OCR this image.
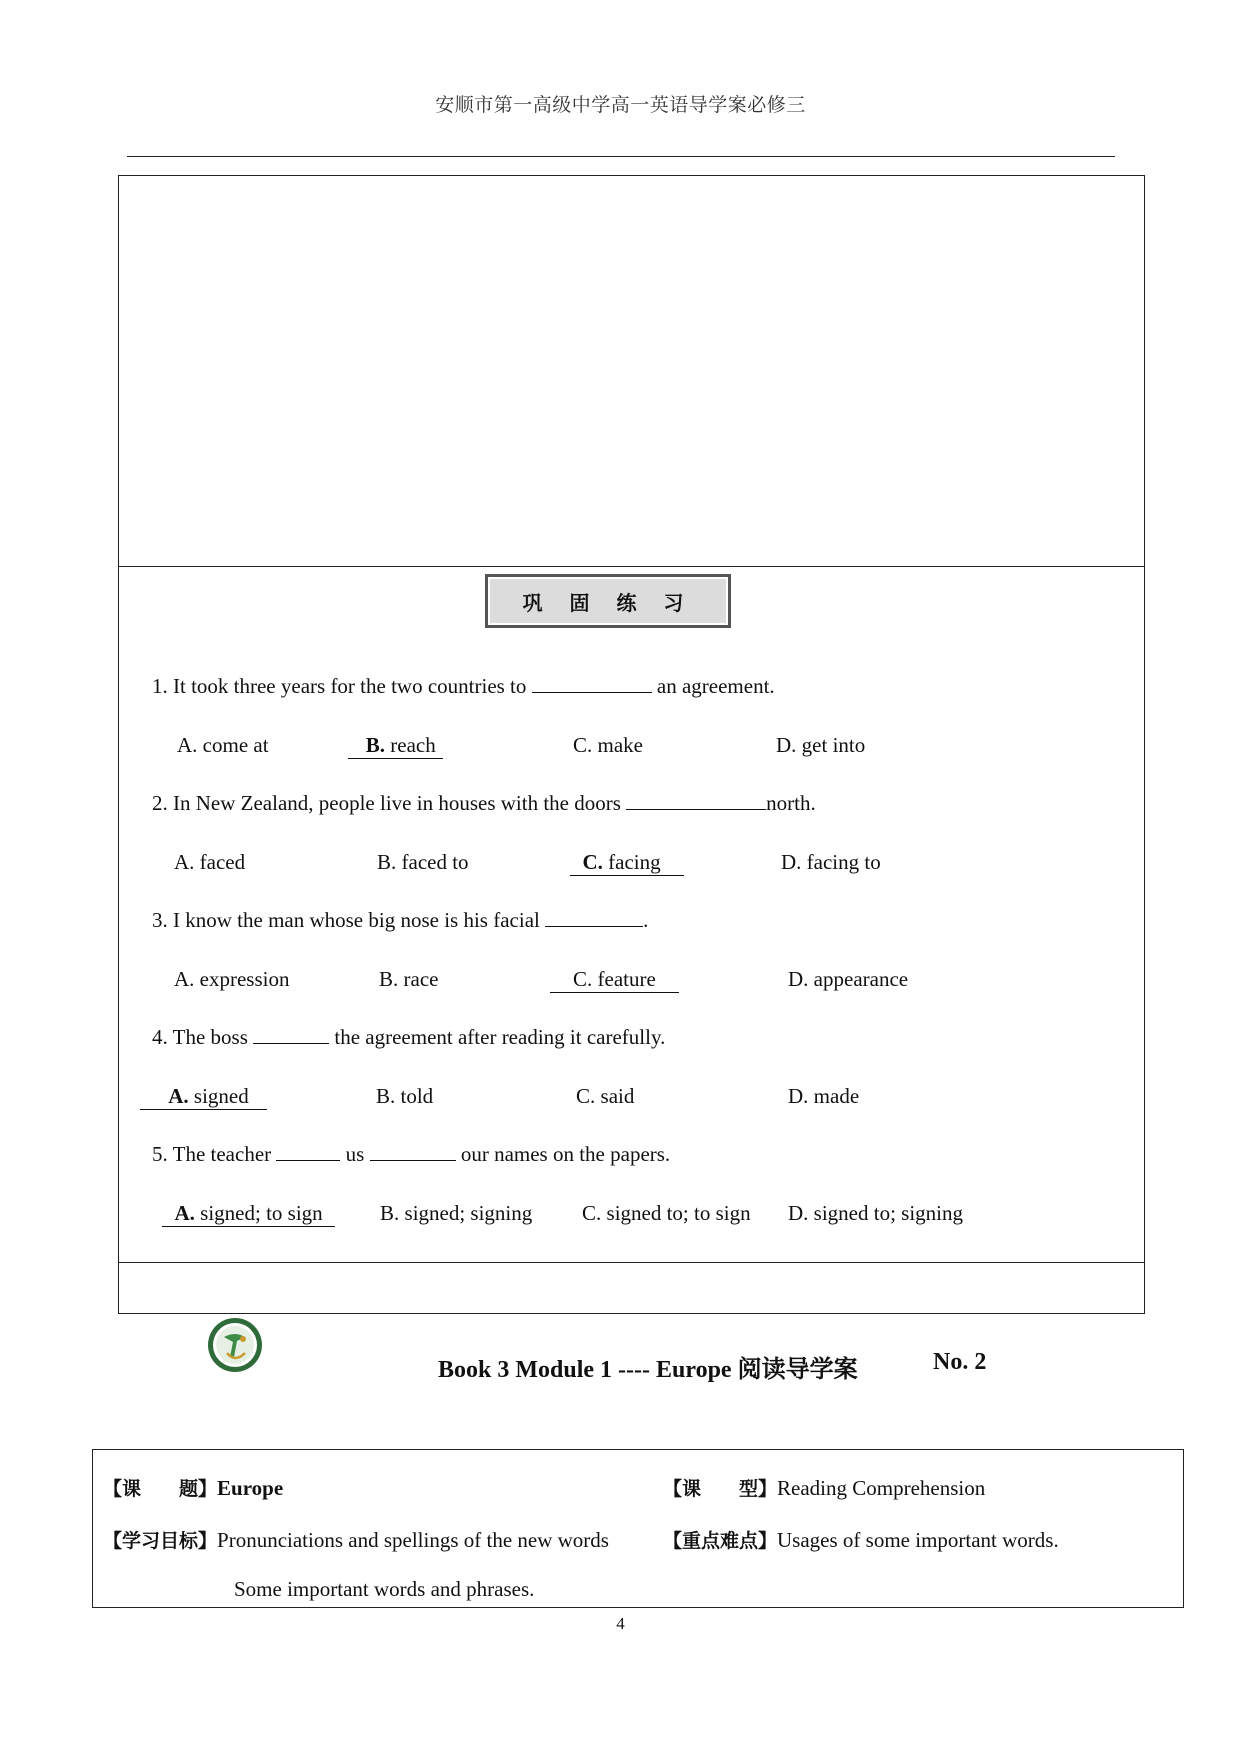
安顺市第一高级中学高一英语导学案必修三
巩 固 练 习
1. It took three years for the two countries to	an agreement.
A. come at	B. reach	C. make	D. get into
2. In New Zealand, people live in houses with the doors	north.
A. faced	B. faced to	C. facing	D. facing to
3. I know the man whose big nose is his facial	.
A. expression	B. race	C. feature	D. appearance
4. The boss	the agreement after reading it carefully.
A. signed	B. told	C. said	D. made
5. The teacher	us	our names on the papers.
A. signed; to sign	B. signed; signing C. signed to; to sign D. signed to; signing
Book 3 Module 1 ---- Europe 阅读导学案	No. 2
【课　　题】Europe	【课　　型】Reading Comprehension
【学习目标】Pronunciations and spellings of the new words	【重点难点】Usages of some important words.
Some important words and phrases.
4
